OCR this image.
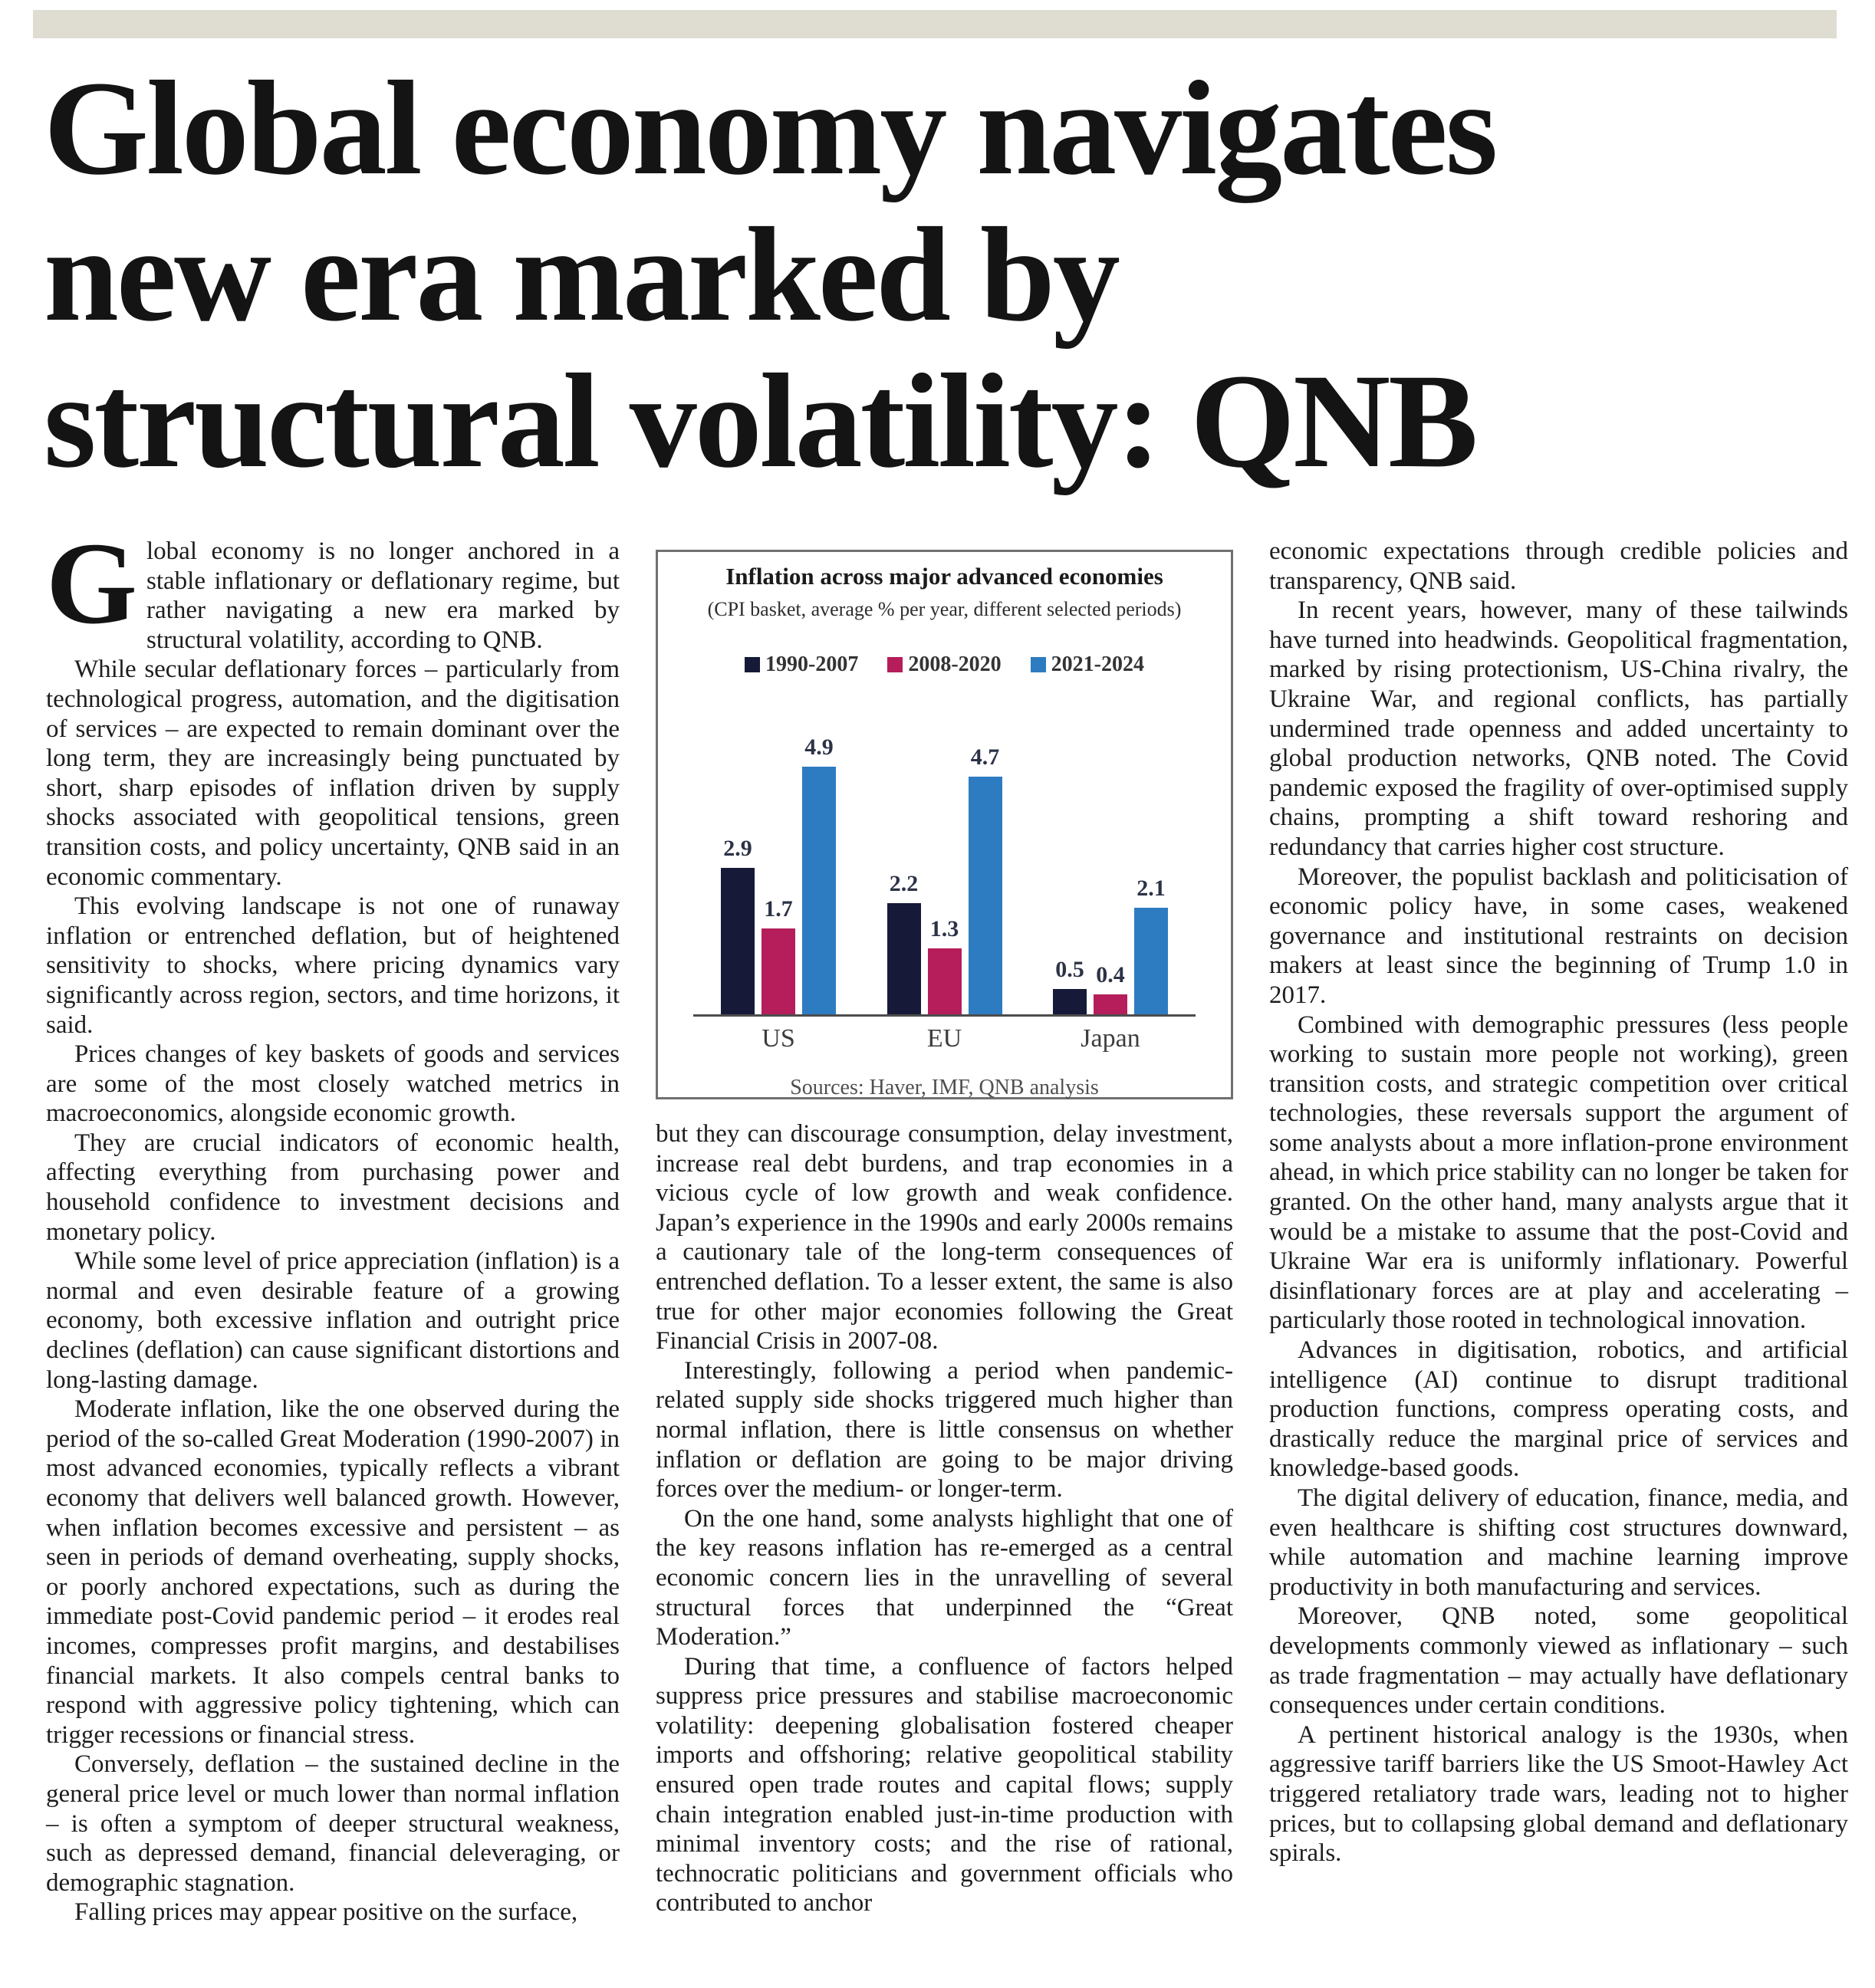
Global economy navigates
new era marked by
structural volatility: QNB

Global economy is no longer anchored in a stable inflationary or deflationary regime, but rather navigating a new era marked by structural volatility, according to QNB.

While secular deflationary forces – particularly from technological progress, automation, and the digitisation of services – are expected to remain dominant over the long term, they are increasingly being punctuated by short, sharp episodes of inflation driven by supply shocks associated with geopolitical tensions, green transition costs, and policy uncertainty, QNB said in an economic commentary.

This evolving landscape is not one of runaway inflation or entrenched deflation, but of heightened sensitivity to shocks, where pricing dynamics vary significantly across region, sectors, and time horizons, it said.

Prices changes of key baskets of goods and services are some of the most closely watched metrics in macroeconomics, alongside economic growth.

They are crucial indicators of economic health, affecting everything from purchasing power and household confidence to investment decisions and monetary policy.

While some level of price appreciation (inflation) is a normal and even desirable feature of a growing economy, both excessive inflation and outright price declines (deflation) can cause significant distortions and long-lasting damage.

Moderate inflation, like the one observed during the period of the so-called Great Moderation (1990-2007) in most advanced economies, typically reflects a vibrant economy that delivers well balanced growth. However, when inflation becomes excessive and persistent – as seen in periods of demand overheating, supply shocks, or poorly anchored expectations, such as during the immediate post-Covid pandemic period – it erodes real incomes, compresses profit margins, and destabilises financial markets. It also compels central banks to respond with aggressive policy tightening, which can trigger recessions or financial stress.

Conversely, deflation – the sustained decline in the general price level or much lower than normal inflation – is often a symptom of deeper structural weakness, such as depressed demand, financial deleveraging, or demographic stagnation.

Falling prices may appear positive on the surface,

Inflation across major advanced economies
(CPI basket, average % per year, different selected periods)
1990-2007 2008-2020 2021-2024
2.9
1.7
4.9
2.2
1.3
4.7
0.5 0.4
2.1
US	EU	Japan
Sources: Haver, IMF, QNB analysis

but they can discourage consumption, delay investment, increase real debt burdens, and trap economies in a vicious cycle of low growth and weak confidence. Japan’s experience in the 1990s and early 2000s remains a cautionary tale of the long-term consequences of entrenched deflation. To a lesser extent, the same is also true for other major economies following the Great Financial Crisis in 2007-08.

Interestingly, following a period when pandemic-related supply side shocks triggered much higher than normal inflation, there is little consensus on whether inflation or deflation are going to be major driving forces over the medium- or longer-term.

On the one hand, some analysts highlight that one of the key reasons inflation has re-emerged as a central economic concern lies in the unravelling of several structural forces that underpinned the “Great Moderation.”

During that time, a confluence of factors helped suppress price pressures and stabilise macroeconomic volatility: deepening globalisation fostered cheaper imports and offshoring; relative geopolitical stability ensured open trade routes and capital flows; supply chain integration enabled just-in-time production with minimal inventory costs; and the rise of rational, technocratic politicians and government officials who contributed to anchor

economic expectations through credible policies and transparency, QNB said.

In recent years, however, many of these tailwinds have turned into headwinds. Geopolitical fragmentation, marked by rising protectionism, US-China rivalry, the Ukraine War, and regional conflicts, has partially undermined trade openness and added uncertainty to global production networks, QNB noted. The Covid pandemic exposed the fragility of over-optimised supply chains, prompting a shift toward reshoring and redundancy that carries higher cost structure.

Moreover, the populist backlash and politicisation of economic policy have, in some cases, weakened governance and institutional restraints on decision makers at least since the beginning of Trump 1.0 in 2017.

Combined with demographic pressures (less people working to sustain more people not working), green transition costs, and strategic competition over critical technologies, these reversals support the argument of some analysts about a more inflation-prone environment ahead, in which price stability can no longer be taken for granted. On the other hand, many analysts argue that it would be a mistake to assume that the post-Covid and Ukraine War era is uniformly inflationary. Powerful disinflationary forces are at play and accelerating – particularly those rooted in technological innovation.

Advances in digitisation, robotics, and artificial intelligence (AI) continue to disrupt traditional production functions, compress operating costs, and drastically reduce the marginal price of services and knowledge-based goods.

The digital delivery of education, finance, media, and even healthcare is shifting cost structures downward, while automation and machine learning improve productivity in both manufacturing and services.

Moreover, QNB noted, some geopolitical developments commonly viewed as inflationary – such as trade fragmentation – may actually have deflationary consequences under certain conditions.

A pertinent historical analogy is the 1930s, when aggressive tariff barriers like the US Smoot-Hawley Act triggered retaliatory trade wars, leading not to higher prices, but to collapsing global demand and deflationary spirals.
